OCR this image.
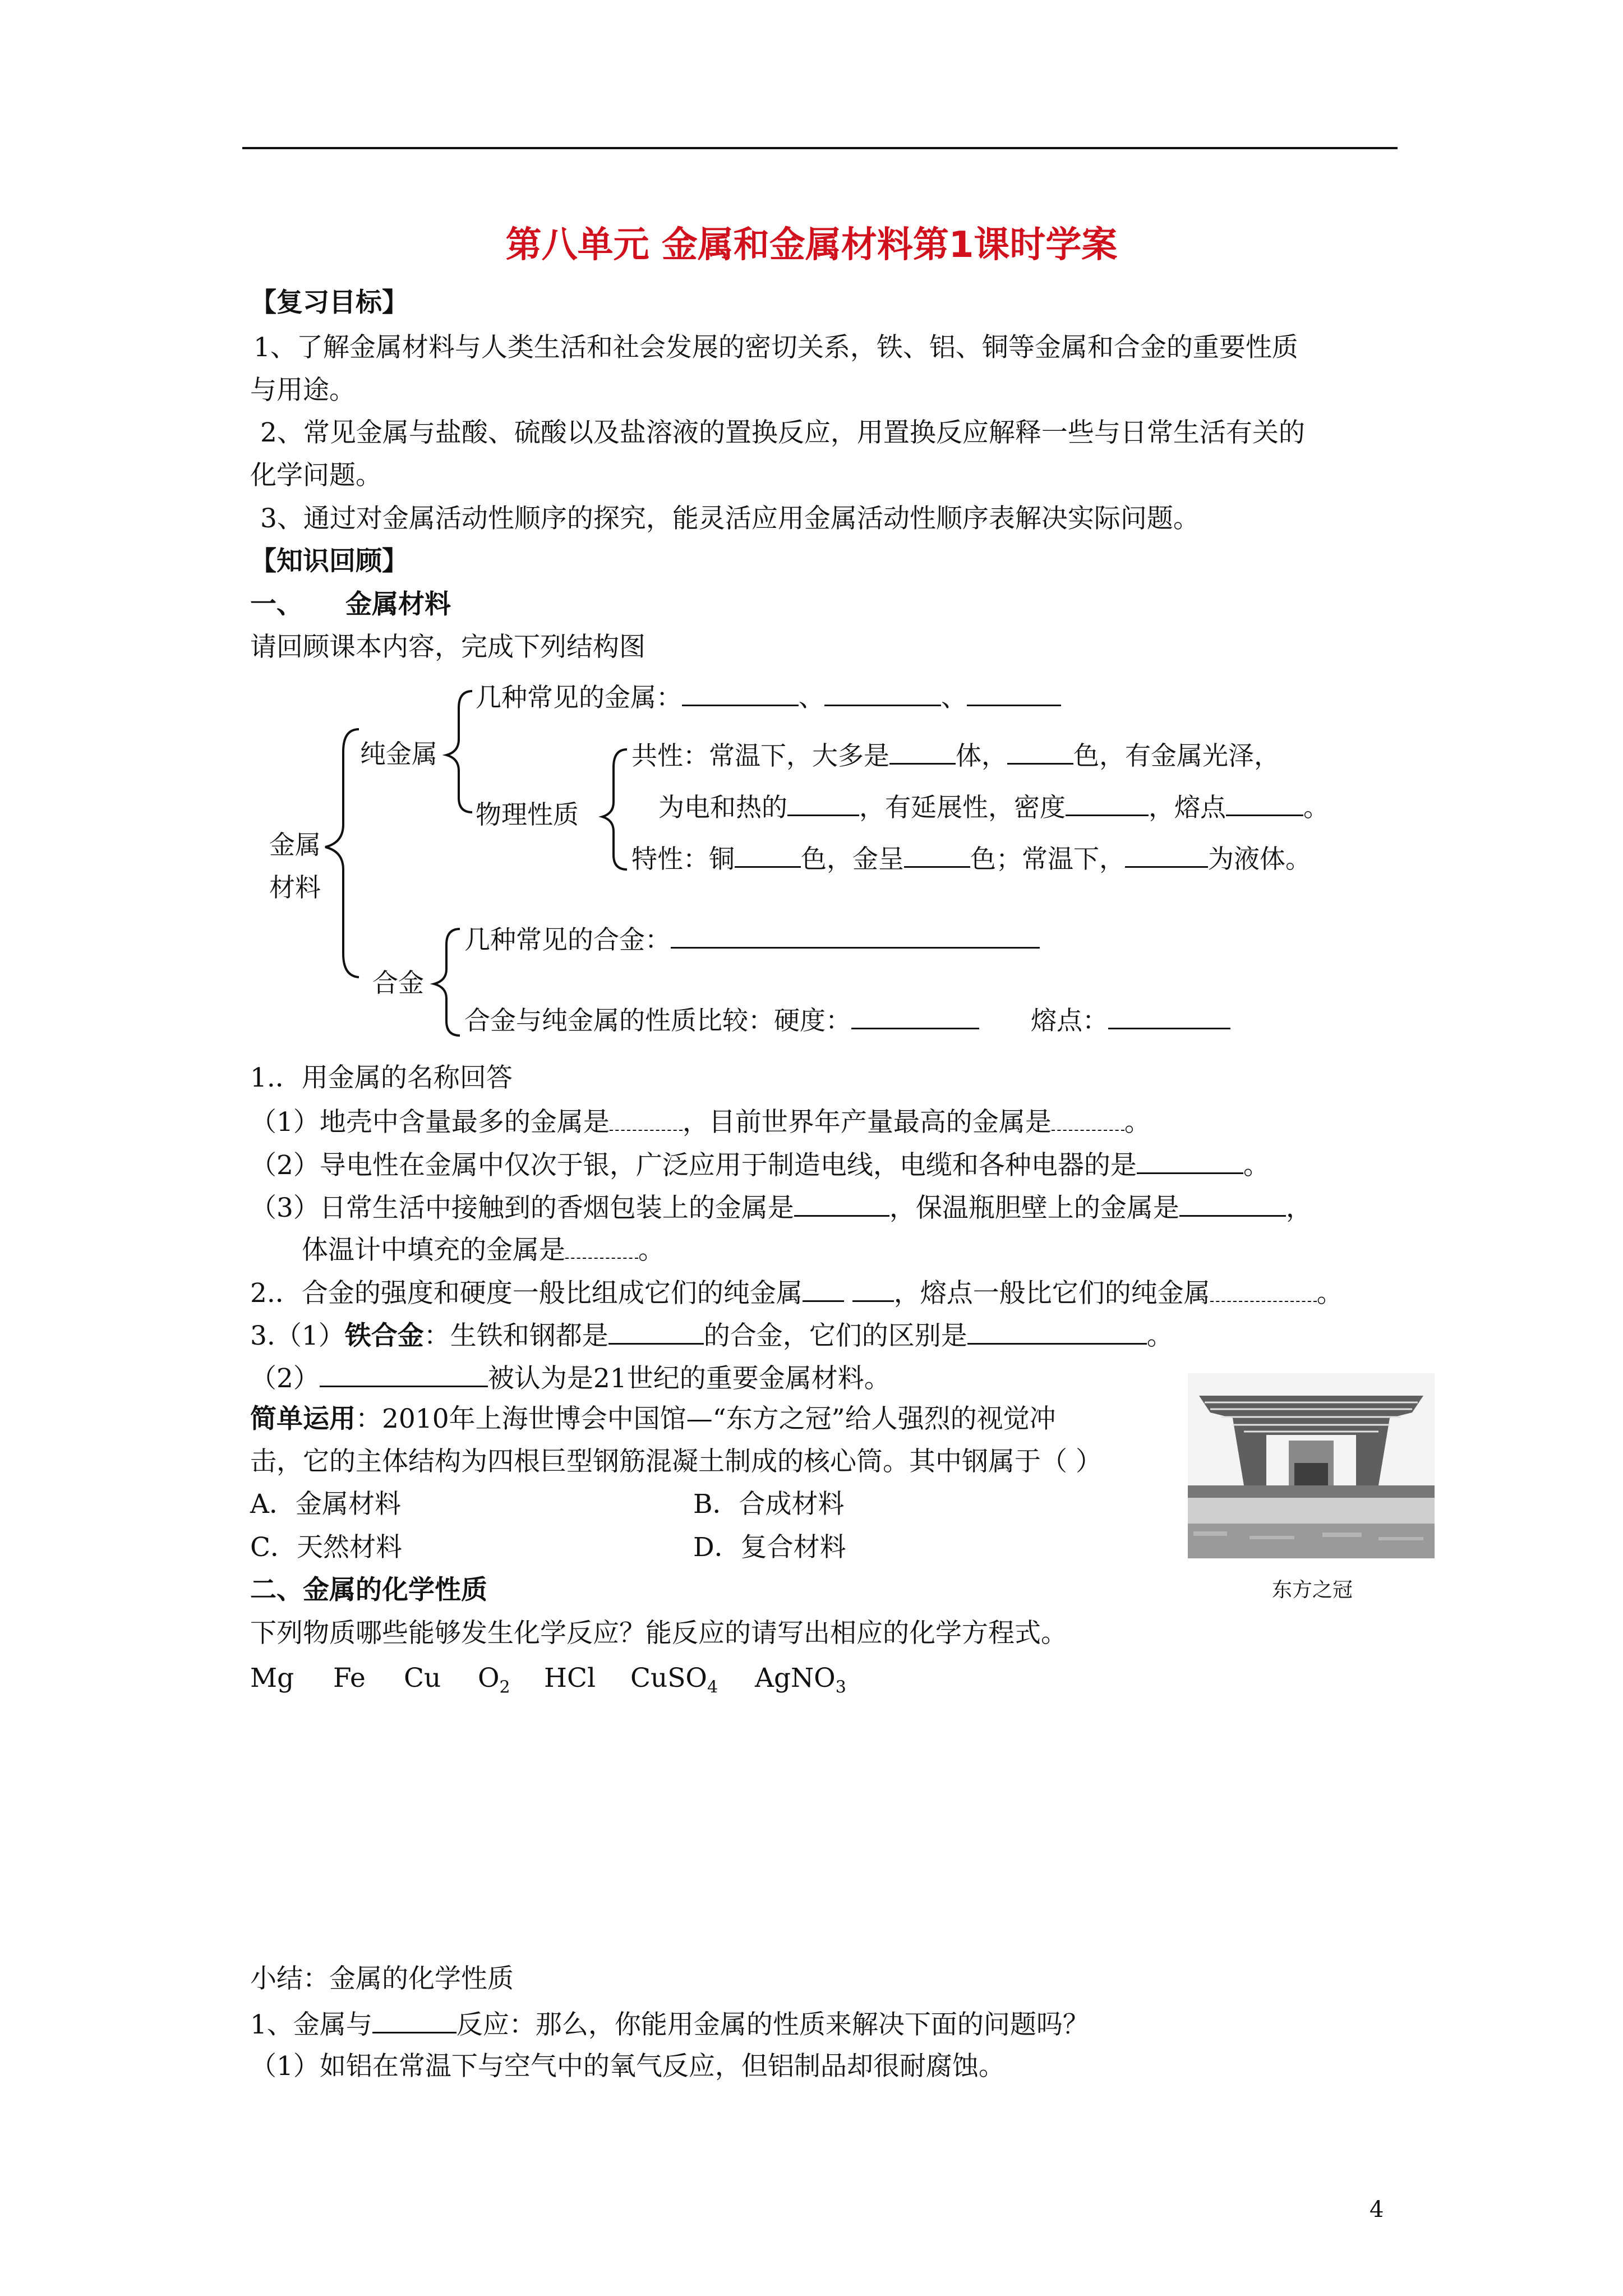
第八单元 金属和金属材料第1课时学案
【复习目标】
1、了解金属材料与人类生活和社会发展的密切关系，铁、铝、铜等金属和合金的重要性质
与用途。
2、常见金属与盐酸、硫酸以及盐溶液的置换反应，用置换反应解释一些与日常生活有关的
化学问题。
3、通过对金属活动性顺序的探究，能灵活应用金属活动性顺序表解决实际问题。
【知识回顾】
一、 金属材料
请回顾课本内容，完成下列结构图
金属
材料
纯金属
合金
几种常见的金属：	、	、
物理性质
共性：常温下，大多是	体，	色，有金属光泽，
为电和热的	，有延展性，密度	，熔点	。
特性：铜	色，金呈	色；常温下，	为液体。
几种常见的合金：
合金与纯金属的性质比较：硬度：　　	熔点：
1.．用金属的名称回答
（1）地壳中含量最多的金属是	，目前世界年产量最高的金属是	。
（2）导电性在金属中仅次于银，广泛应用于制造电线，电缆和各种电器的是	。
（3）日常生活中接触到的香烟包装上的金属是	，保温瓶胆壁上的金属是	，
体温计中填充的金属是	。
2.．合金的强度和硬度一般比组成它们的纯金属	，熔点一般比它们的纯金属	。
3.（1）铁合金：生铁和钢都是	的合金，它们的区别是	。
（2）	被认为是21世纪的重要金属材料。
简单运用：2010年上海世博会中国馆—“东方之冠”给人强烈的视觉冲
击，它的主体结构为四根巨型钢筋混凝土制成的核心筒。其中钢属于（ ）
A．金属材料	B．合成材料
C．天然材料	D．复合材料
东方之冠
二、金属的化学性质
下列物质哪些能够发生化学反应？能反应的请写出相应的化学方程式。
Mg Fe Cu $O_2$ HCl CuSO$_4$ AgNO$_3$
小结：金属的化学性质
1、金属与	反应：那么，你能用金属的性质来解决下面的问题吗？
（1）如铝在常温下与空气中的氧气反应，但铝制品却很耐腐蚀。
4
